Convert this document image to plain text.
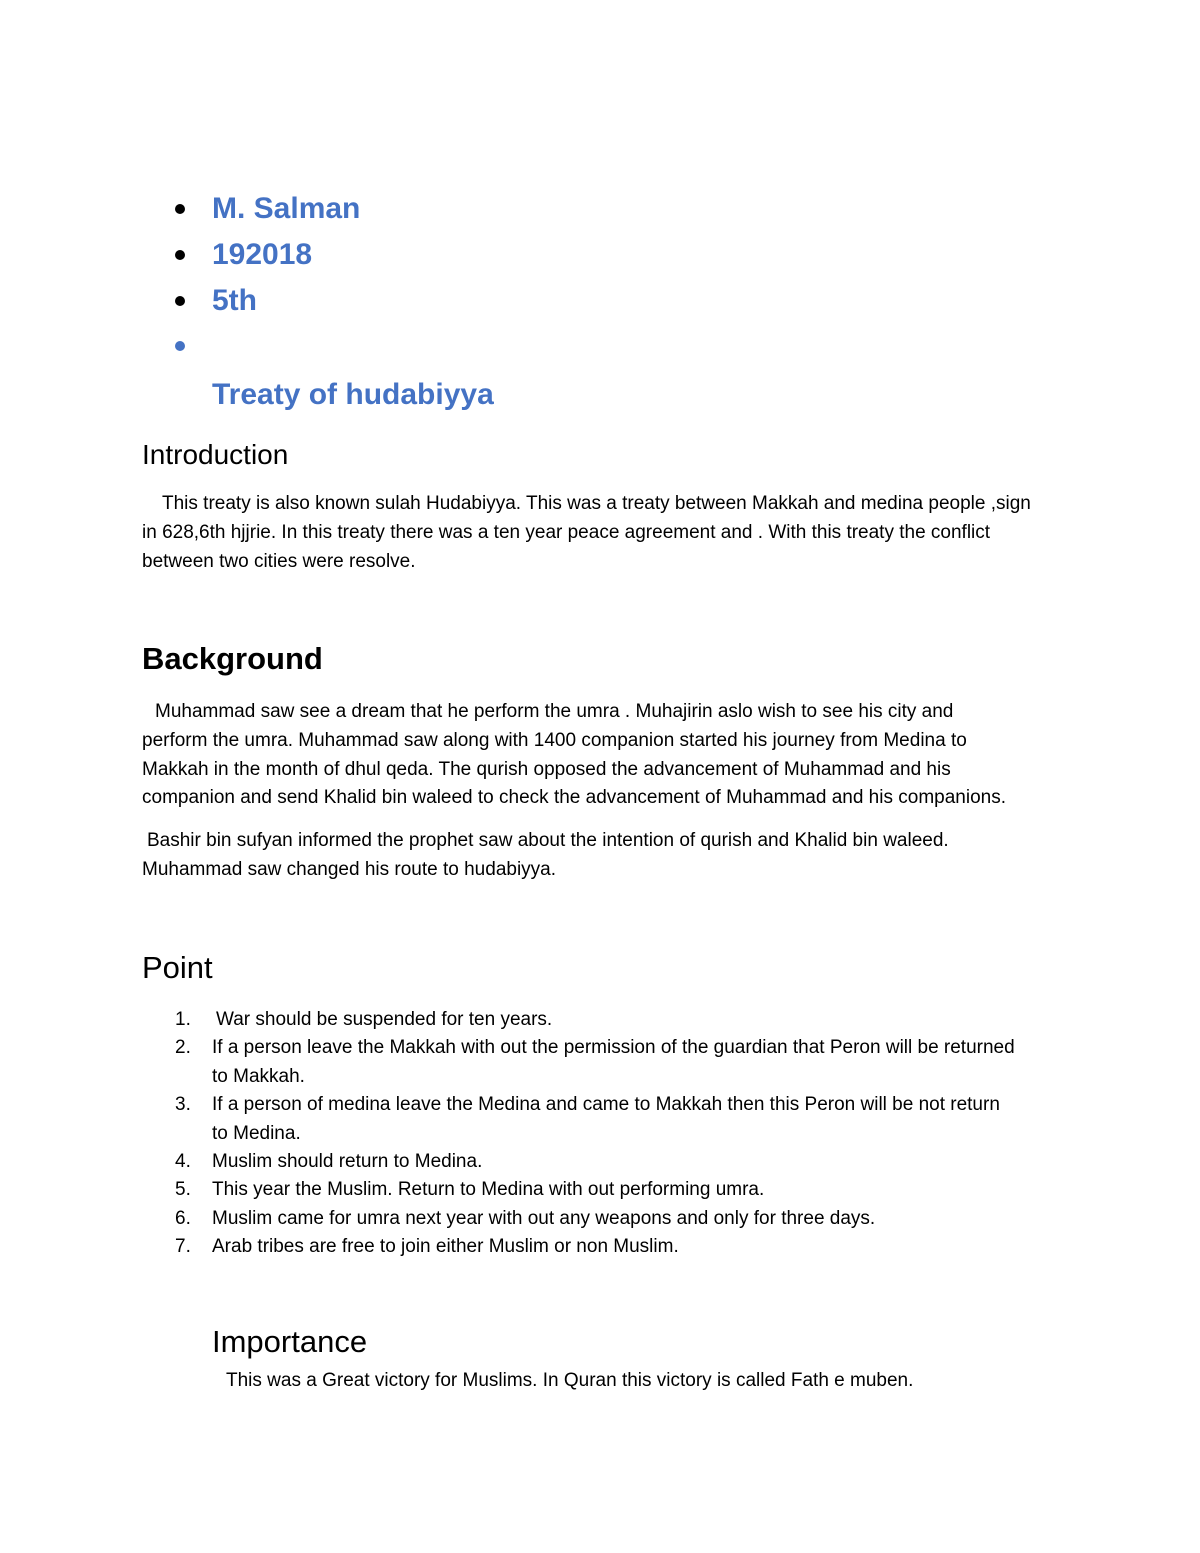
M. Salman
192018
5th
Treaty of hudabiyya
Introduction
This treaty is also known sulah Hudabiyya. This was a treaty between Makkah and medina people ,sign
in 628,6th hjjrie. In this treaty there was a ten year peace agreement and . With this treaty the conflict
between two cities were resolve.
Background
Muhammad saw see a dream that he perform the umra . Muhajirin aslo wish to see his city and
perform the umra. Muhammad saw along with 1400 companion started his journey from Medina to
Makkah in the month of dhul qeda. The qurish opposed the advancement of Muhammad and his
companion and send Khalid bin waleed to check the advancement of Muhammad and his companions.
Bashir bin sufyan informed the prophet saw about the intention of qurish and Khalid bin waleed.
Muhammad saw changed his route to hudabiyya.
Point
1. War should be suspended for ten years.
2. If a person leave the Makkah with out the permission of the guardian that Peron will be returned
to Makkah.
3. If a person of medina leave the Medina and came to Makkah then this Peron will be not return
to Medina.
4. Muslim should return to Medina.
5. This year the Muslim. Return to Medina with out performing umra.
6. Muslim came for umra next year with out any weapons and only for three days.
7. Arab tribes are free to join either Muslim or non Muslim.
Importance
This was a Great victory for Muslims. In Quran this victory is called Fath e muben.
